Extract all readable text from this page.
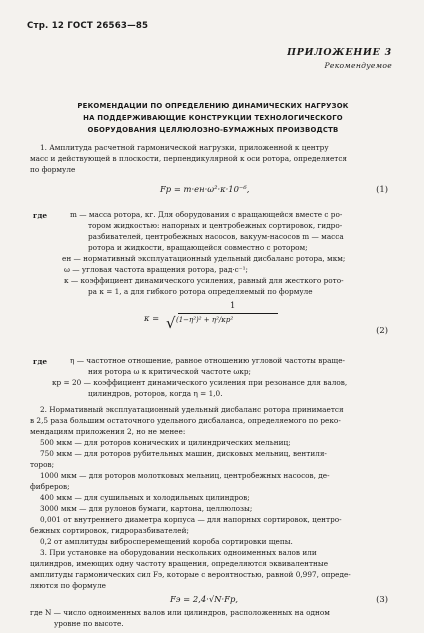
Стр. 12 ГОСТ 26563—85
ПРИЛОЖЕНИЕ 3
Рекомендуемое
РЕКОМЕНДАЦИИ ПО ОПРЕДЕЛЕНИЮ ДИНАМИЧЕСКИХ НАГРУЗОК
НА ПОДДЕРЖИВАЮЩИЕ КОНСТРУКЦИИ ТЕХНОЛОГИЧЕСКОГО
ОБОРУДОВАНИЯ ЦЕЛЛЮЛОЗНО-БУМАЖНЫХ ПРОИЗВОДСТВ
1. Амплитуда расчетной гармонической нагрузки, приложенной к центру
масс и действующей в плоскости, перпендикулярной к оси ротора, определяется
по формуле
Fр = m·eн·ω²·κ·10⁻⁶,	(1)
где	m — масса ротора, кг. Для оборудования с вращающейся вместе с ро-
тором жидкостью: напорных и центробежных сортировок, гидро-
разбивателей, центробежных насосов, вакуум-насосов m — масса
ротора и жидкости, вращающейся совместно с ротором;
eн — нормативный эксплуатационный удельный дисбаланс ротора, мкм;
ω — угловая частота вращения ротора, рад·с⁻¹;
κ — коэффициент динамического усиления, равный для жесткого рото-
ра κ = 1, а для гибкого ротора определяемый по формуле
κ =
1
√ (1−η²)² + η²/κp²
(2)
где	η — частотное отношение, равное отношению угловой частоты враще-
ния ротора ω к критической частоте ωкр;
κp = 20 — коэффициент динамического усиления при резонансе для валов,
цилиндров, роторов, когда η = 1,0.
2. Нормативный эксплуатационный удельный дисбаланс ротора принимается
в 2,5 раза большим остаточного удельного дисбаланса, определяемого по реко-
мендациям приложения 2, но не менее:
500 мкм — для роторов конических и цилиндрических мельниц;
750 мкм — для роторов рубительных машин, дисковых мельниц, вентиля-
торов;
1000 мкм — для роторов молотковых мельниц, центробежных насосов, де-
фибреров;
400 мкм — для сушильных и холодильных цилиндров;
3000 мкм — для рулонов бумаги, картона, целлюлозы;
0,001 от внутреннего диаметра корпуса — для напорных сортировок, центро-
бежных сортировок, гидроразбивателей;
0,2 от амплитуды вибросперемещений короба сортировки щепы.
3. При установке на оборудовании нескольких одноименных валов или
цилиндров, имеющих одну частоту вращения, определяются эквивалентные
амплитуды гармонических сил Fэ, которые с вероятностью, равной 0,997, опреде-
ляются по формуле
Fэ = 2,4·√N·Fр,	(3)
где N — число одноименных валов или цилиндров, расположенных на одном
уровне по высоте.
